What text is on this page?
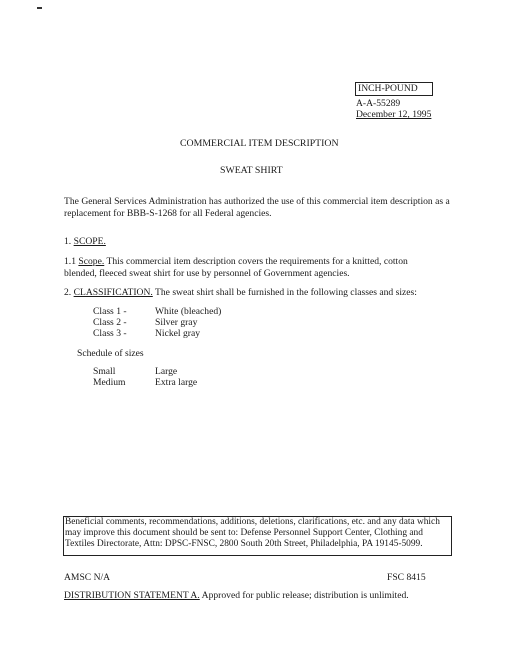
INCH-POUND
A-A-55289
December 12, 1995
COMMERCIAL ITEM DESCRIPTION
SWEAT SHIRT
The General Services Administration has authorized the use of this commercial item description as a replacement for BBB-S-1268 for all Federal agencies.
1. SCOPE.
1.1 Scope. This commercial item description covers the requirements for a knitted, cotton blended, fleeced sweat shirt for use by personnel of Government agencies.
2. CLASSIFICATION. The sweat shirt shall be furnished in the following classes and sizes:
Class 1 -	White (bleached)
Class 2 -	Silver gray
Class 3 -	Nickel gray
Schedule of sizes
Small	Large
Medium	Extra large
Beneficial comments, recommendations, additions, deletions, clarifications, etc. and any data which may improve this document should be sent to: Defense Personnel Support Center, Clothing and Textiles Directorate, Attn: DPSC-FNSC, 2800 South 20th Street, Philadelphia, PA 19145-5099.
AMSC N/A	FSC 8415
DISTRIBUTION STATEMENT A. Approved for public release; distribution is unlimited.
